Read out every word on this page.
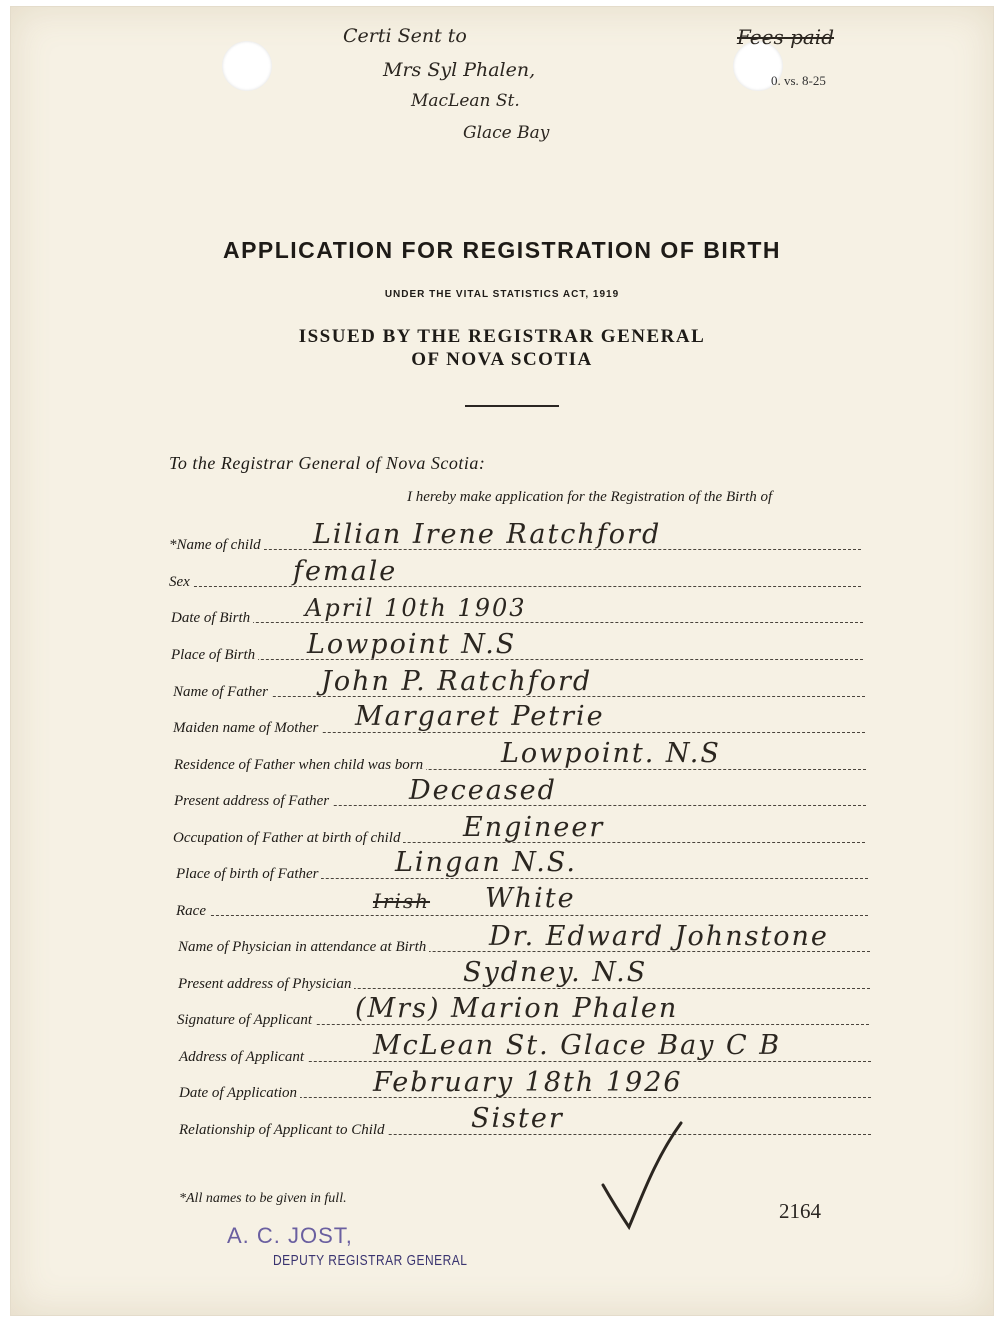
Certi Sent to
Mrs Syl Phalen,
MacLean St.
Glace Bay
Fees paid
0. vs. 8-25
APPLICATION FOR REGISTRATION OF BIRTH
UNDER THE VITAL STATISTICS ACT, 1919
ISSUED BY THE REGISTRAR GENERAL
OF NOVA SCOTIA
To the Registrar General of Nova Scotia:
I hereby make application for the Registration of the Birth of
*Name of child Lilian Irene Ratchford
Sex	female
Date of Birth April 10th 1903
Place of Birth Lowpoint N.S
Name of Father John P. Ratchford
Maiden name of Mother Margaret Petrie
Residence of Father when child was born	Lowpoint. N.S
Present address of Father	Deceased
Occupation of Father at birth of child Engineer
Place of birth of Father	Lingan N.S.
Race	Irish White
Name of Physician in attendance at Birth Dr. Edward Johnstone
Present address of Physician	Sydney. N.S
Signature of Applicant (Mrs) Marion Phalen
Address of Applicant	McLean St. Glace Bay C B
Date of Application	February 18th 1926
Relationship of Applicant to Child	Sister
*All names to be given in full.
A. C. JOST,
DEPUTY REGISTRAR GENERAL
2164
